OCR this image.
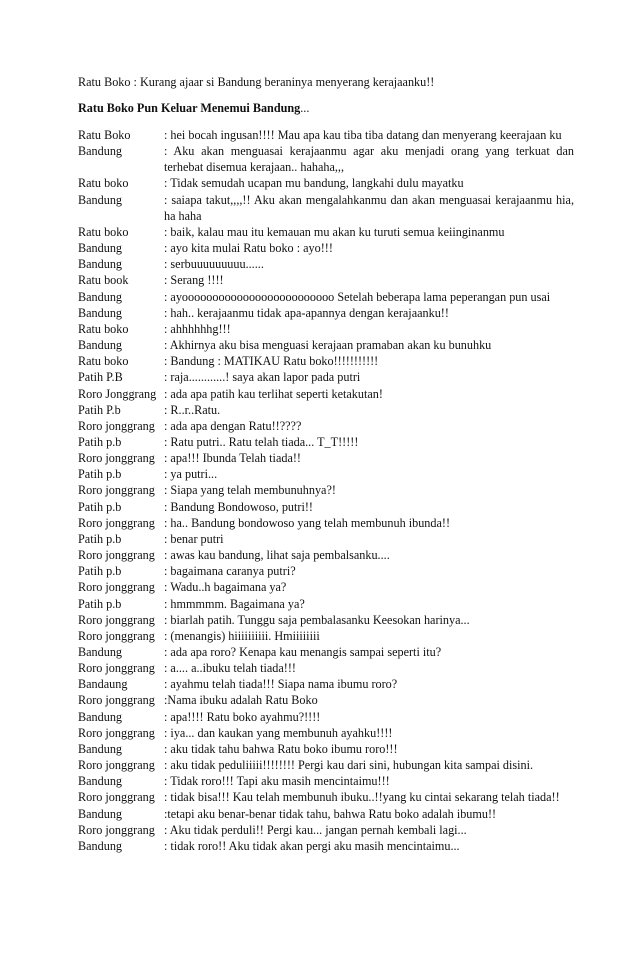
Ratu Boko : Kurang ajaar si Bandung beraninya menyerang kerajaanku!!
Ratu Boko Pun Keluar Menemui Bandung...
Ratu Boko	: hei bocah ingusan!!!! Mau apa kau tiba tiba datang dan menyerang keerajaan ku
Bandung	: Aku akan menguasai kerajaanmu agar aku menjadi orang yang terkuat dan terhebat disemua kerajaan.. hahaha,,,
Ratu boko	: Tidak semudah ucapan mu bandung, langkahi dulu mayatku
Bandung	: saiapa takut,,,,!! Aku akan mengalahkanmu dan akan menguasai kerajaanmu hia, ha haha
Ratu boko	: baik, kalau mau itu kemauan mu akan ku turuti semua keiinginanmu
Bandung	: ayo kita mulai Ratu boko : ayo!!!
Bandung	: serbuuuuuuuuu......
Ratu book	: Serang !!!!
Bandung	: ayooooooooooooooooooooooooo Setelah beberapa lama peperangan pun usai
Bandung	: hah.. kerajaanmu tidak apa-apannya dengan kerajaanku!!
Ratu boko	: ahhhhhhg!!!
Bandung	: Akhirnya aku bisa menguasi kerajaan pramaban akan ku bunuhku
Ratu boko	: Bandung : MATIKAU Ratu boko!!!!!!!!!!!
Patih P.B	: raja............! saya akan lapor pada putri
Roro Jonggrang : ada apa patih kau terlihat seperti ketakutan!
Patih P.b	: R..r..Ratu.
Roro jonggrang : ada apa dengan Ratu!!????
Patih p.b	: Ratu putri.. Ratu telah tiada... T_T!!!!!
Roro jonggrang : apa!!! Ibunda Telah tiada!!
Patih p.b	: ya putri...
Roro jonggrang : Siapa yang telah membunuhnya?!
Patih p.b	: Bandung Bondowoso, putri!!
Roro jonggrang : ha.. Bandung bondowoso yang telah membunuh ibunda!!
Patih p.b	: benar putri
Roro jonggrang : awas kau bandung, lihat saja pembalsanku....
Patih p.b	: bagaimana caranya putri?
Roro jonggrang : Wadu..h bagaimana ya?
Patih p.b	: hmmmmm. Bagaimana ya?
Roro jonggrang : biarlah patih. Tunggu saja pembalasanku Keesokan harinya...
Roro jonggrang : (menangis) hiiiiiiiiii. Hmiiiiiiii
Bandung	: ada apa roro? Kenapa kau menangis sampai seperti itu?
Roro jonggrang : a.... a..ibuku telah tiada!!!
Bandaung	: ayahmu telah tiada!!! Siapa nama ibumu roro?
Roro jonggrang :Nama ibuku adalah Ratu Boko
Bandung	: apa!!!! Ratu boko ayahmu?!!!!
Roro jonggrang : iya... dan kaukan yang membunuh ayahku!!!!
Bandung	: aku tidak tahu bahwa Ratu boko ibumu roro!!!
Roro jonggrang : aku tidak peduliiiii!!!!!!!! Pergi kau dari sini, hubungan kita sampai disini.
Bandung	: Tidak roro!!! Tapi aku masih mencintaimu!!!
Roro jonggrang : tidak bisa!!! Kau telah membunuh ibuku..!!yang ku cintai sekarang telah tiada!!
Bandung	:tetapi aku benar-benar tidak tahu, bahwa Ratu boko adalah ibumu!!
Roro jonggrang : Aku tidak perduli!! Pergi kau... jangan pernah kembali lagi...
Bandung	: tidak roro!! Aku tidak akan pergi aku masih mencintaimu...
